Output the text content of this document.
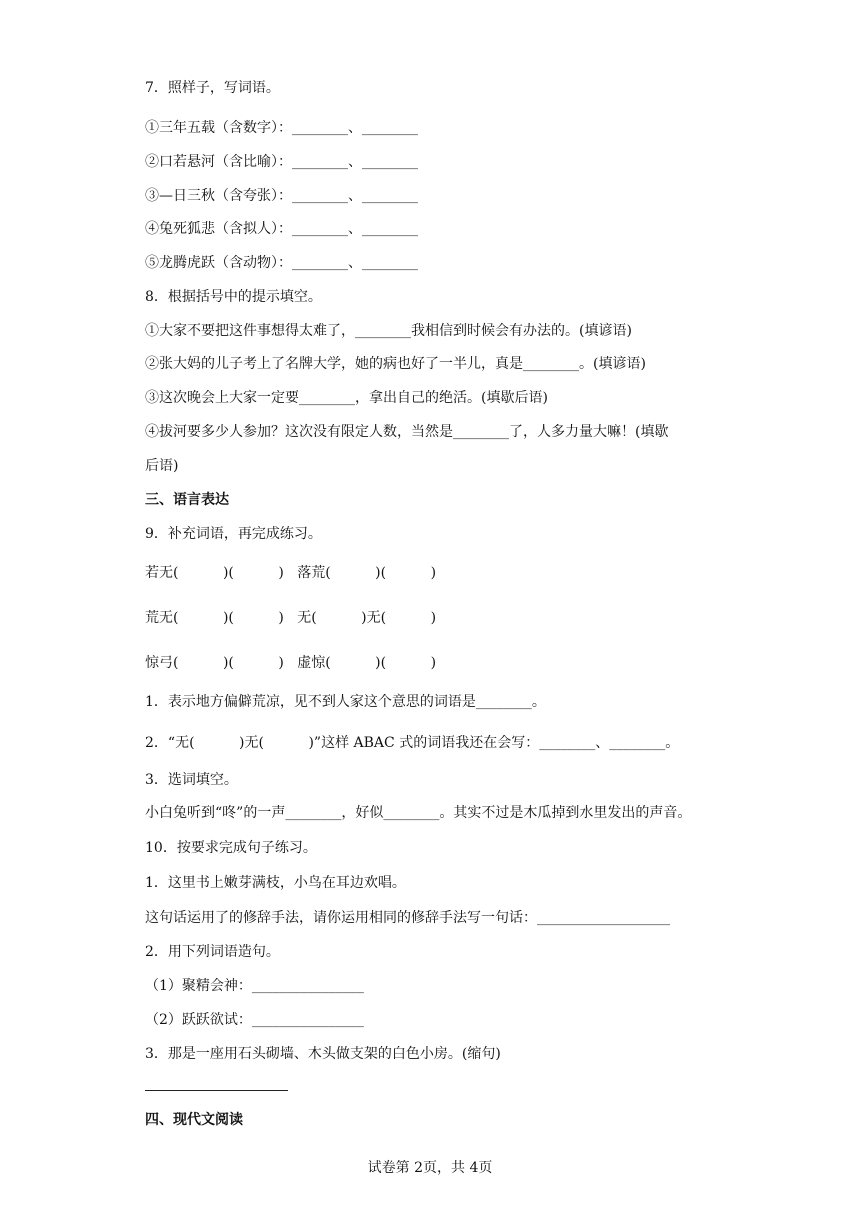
7．照样子，写词语。
①三年五载（含数字）：________、________
②口若悬河（含比喻）：________、________
③—日三秋（含夸张）：________、________
④兔死狐悲（含拟人）：________、________
⑤龙腾虎跃（含动物）：________、________
8．根据括号中的提示填空。
①大家不要把这件事想得太难了，________我相信到时候会有办法的。(填谚语)
②张大妈的儿子考上了名牌大学，她的病也好了一半儿，真是________。(填谚语)
③这次晚会上大家一定要________，拿出自己的绝活。(填歇后语)
④拔河要多少人参加？这次没有限定人数，当然是________了，人多力量大嘛！(填歇
后语)
三、语言表达
9．补充词语，再完成练习。
若无(          )(          )   落荒(          )(          )
荒无(          )(          )   无(          )无(          )
惊弓(          )(          )   虚惊(          )(          )
1．表示地方偏僻荒凉，见不到人家这个意思的词语是________。
2．“无(          )无(          )”这样 ABAC 式的词语我还在会写：________、________。
3．选词填空。
小白兔听到“咚”的一声________，好似________。其实不过是木瓜掉到水里发出的声音。
10．按要求完成句子练习。
1．这里书上嫩芽满枝，小鸟在耳边欢唱。
这句话运用了的修辞手法，请你运用相同的修辞手法写一句话：___________________
2．用下列词语造句。
（1）聚精会神：________________
（2）跃跃欲试：________________
3．那是一座用石头砌墙、木头做支架的白色小房。(缩句)
四、现代文阅读
试卷第 2页，共 4页
